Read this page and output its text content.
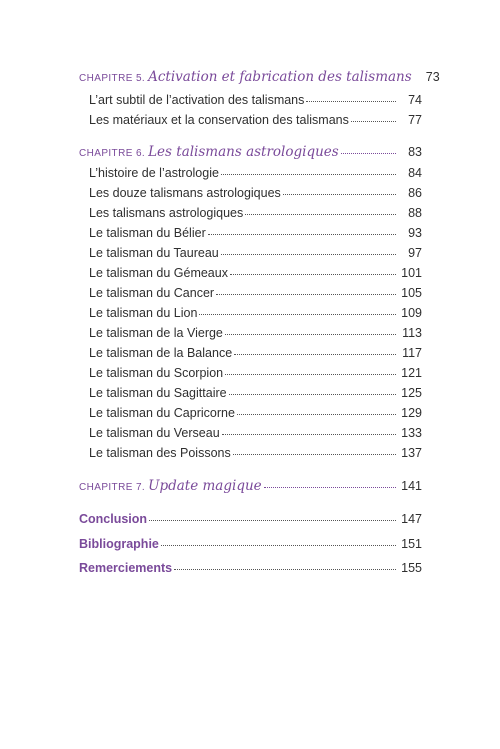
CHAPITRE 5. Activation et fabrication des talismans	73
L’art subtil de l’activation des talismans	74
Les matériaux et la conservation des talismans	77
CHAPITRE 6. Les talismans astrologiques	83
L’histoire de l’astrologie	84
Les douze talismans astrologiques	86
Les talismans astrologiques	88
Le talisman du Bélier	93
Le talisman du Taureau	97
Le talisman du Gémeaux	101
Le talisman du Cancer	105
Le talisman du Lion	109
Le talisman de la Vierge	113
Le talisman de la Balance	117
Le talisman du Scorpion	121
Le talisman du Sagittaire	125
Le talisman du Capricorne	129
Le talisman du Verseau	133
Le talisman des Poissons	137
CHAPITRE 7. Update magique	141
Conclusion	147
Bibliographie	151
Remerciements	155
